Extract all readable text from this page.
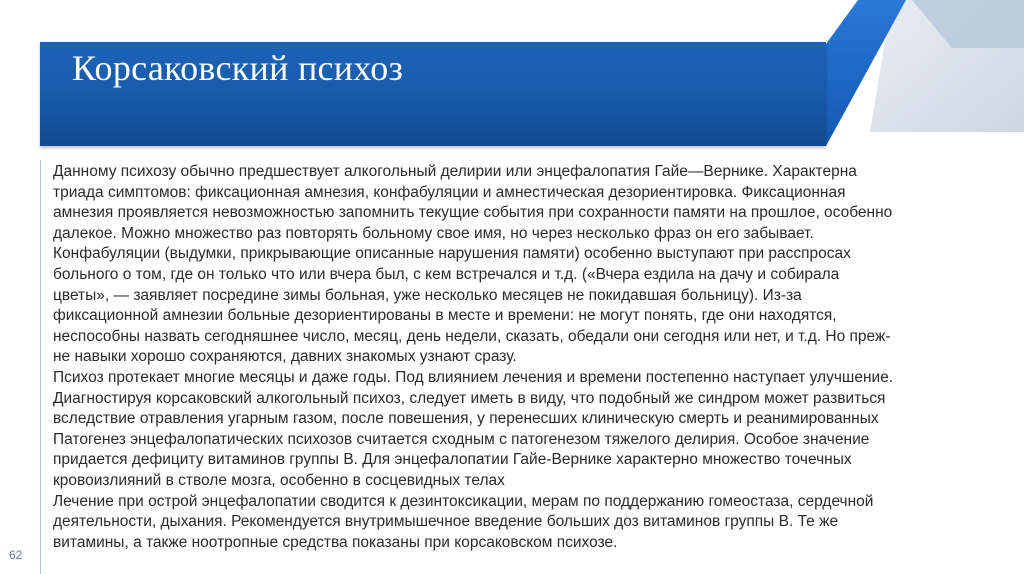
Корсаковский психоз
Данному психозу обычно предшествует алкогольный делирии или энцефалопатия Гайе—Вернике. Характерна
триада симптомов: фиксационная амнезия, конфабуляции и амнестическая дезориентировка. Фиксационная
амнезия проявляется невозможностью запомнить текущие события при сохранности памяти на прошлое, особенно
далекое. Можно множество раз повторять больному свое имя, но через несколько фраз он его забывает.
Конфабуляции (выдумки, прикрывающие описанные нарушения памяти) особенно выступают при расспросах
больного о том, где он только что или вчера был, с кем встречался и т.д. («Вчера ездила на дачу и собирала
цветы», — заявляет посредине зимы больная, уже несколько месяцев не покидавшая больницу). Из-за
фиксационной амнезии больные дезориентированы в месте и времени: не могут понять, где они находятся,
неспособны назвать сегодняшнее число, месяц, день недели, сказать, обедали они сегодня или нет, и т.д. Но преж-
не навыки хорошо сохраняются, давних знакомых узнают сразу.
Психоз протекает многие месяцы и даже годы. Под влиянием лечения и времени постепенно наступает улучшение.
Диагностируя корсаковский алкогольный психоз, следует иметь в виду, что подобный же синдром может развиться
вследствие отравления угарным газом, после повешения, у перенесших клиническую смерть и реанимированных
Патогенез энцефалопатических психозов считается сходным с патогенезом тяжелого делирия. Особое значение
придается дефициту витаминов группы В. Для энцефалопатии Гайе-Вернике характерно множество точечных
кровоизлияний в стволе мозга, особенно в сосцевидных телах
Лечение при острой энцефалопатии сводится к дезинтоксикации, мерам по поддержанию гомеостаза, сердечной
деятельности, дыхания. Рекомендуется внутримышечное введение больших доз витаминов группы В. Те же
витамины, а также ноотропные средства показаны при корсаковском психозе.
62
